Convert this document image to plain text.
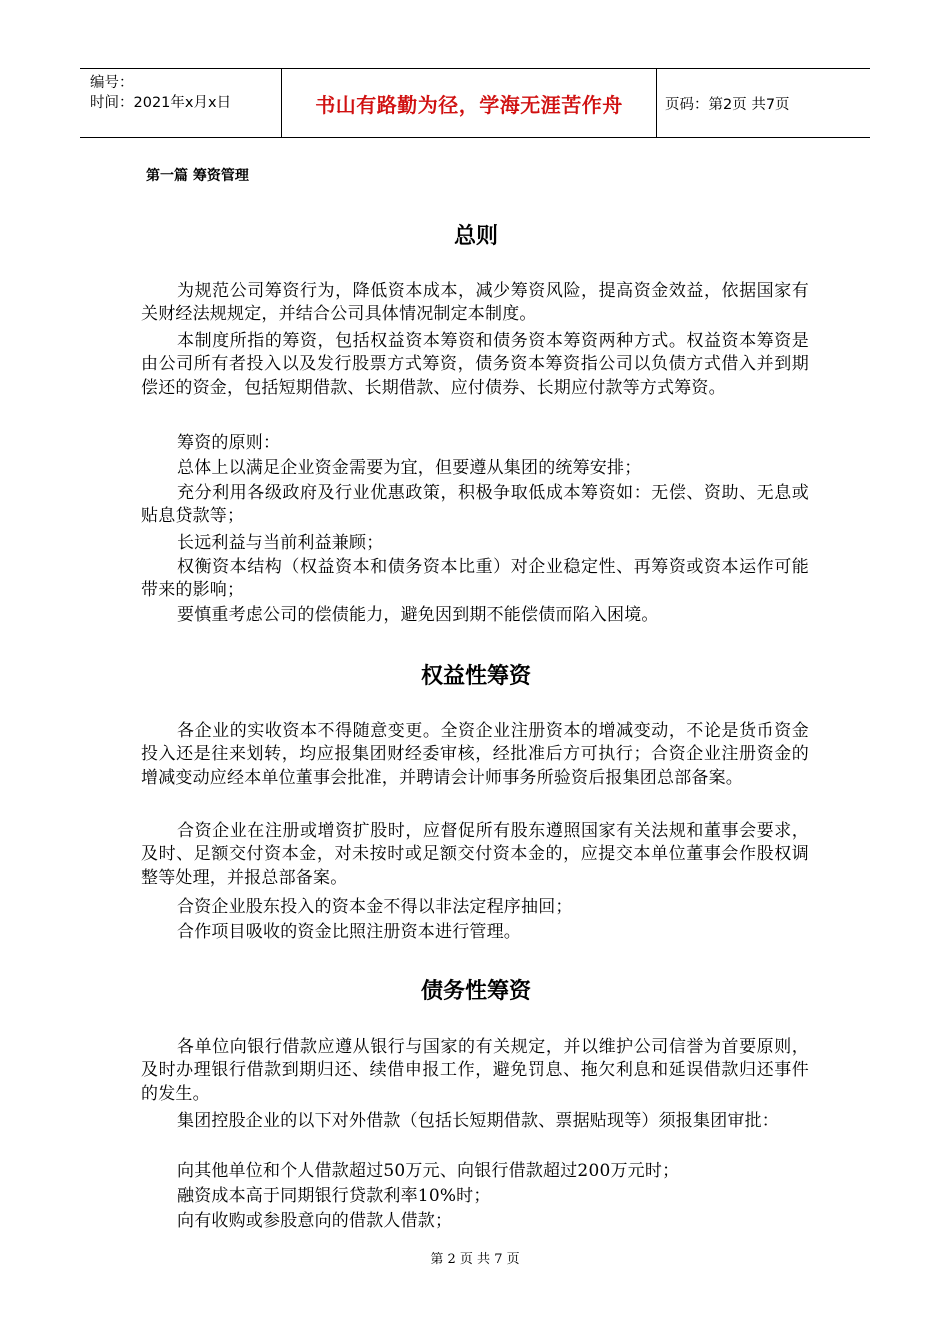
编号：
时间：2021年x月x日	书山有路勤为径，学海无涯苦作舟	页码：第2页 共7页
第一篇 筹资管理
总则
为规范公司筹资行为，降低资本成本，减少筹资风险，提高资金效益，依据国家有关财经法规规定，并结合公司具体情况制定本制度。
本制度所指的筹资，包括权益资本筹资和债务资本筹资两种方式。权益资本筹资是由公司所有者投入以及发行股票方式筹资，债务资本筹资指公司以负债方式借入并到期偿还的资金，包括短期借款、长期借款、应付债券、长期应付款等方式筹资。
筹资的原则：
总体上以满足企业资金需要为宜，但要遵从集团的统筹安排；
充分利用各级政府及行业优惠政策，积极争取低成本筹资如：无偿、资助、无息或贴息贷款等；
长远利益与当前利益兼顾；
权衡资本结构（权益资本和债务资本比重）对企业稳定性、再筹资或资本运作可能带来的影响；
要慎重考虑公司的偿债能力，避免因到期不能偿债而陷入困境。
权益性筹资
各企业的实收资本不得随意变更。全资企业注册资本的增减变动，不论是货币资金投入还是往来划转，均应报集团财经委审核，经批准后方可执行；合资企业注册资金的增减变动应经本单位董事会批准，并聘请会计师事务所验资后报集团总部备案。
合资企业在注册或增资扩股时，应督促所有股东遵照国家有关法规和董事会要求，及时、足额交付资本金，对未按时或足额交付资本金的，应提交本单位董事会作股权调整等处理，并报总部备案。
合资企业股东投入的资本金不得以非法定程序抽回；
合作项目吸收的资金比照注册资本进行管理。
债务性筹资
各单位向银行借款应遵从银行与国家的有关规定，并以维护公司信誉为首要原则，及时办理银行借款到期归还、续借申报工作，避免罚息、拖欠利息和延误借款归还事件的发生。
集团控股企业的以下对外借款（包括长短期借款、票据贴现等）须报集团审批：
向其他单位和个人借款超过50万元、向银行借款超过200万元时；
融资成本高于同期银行贷款利率10%时；
向有收购或参股意向的借款人借款；
第 2 页 共 7 页
